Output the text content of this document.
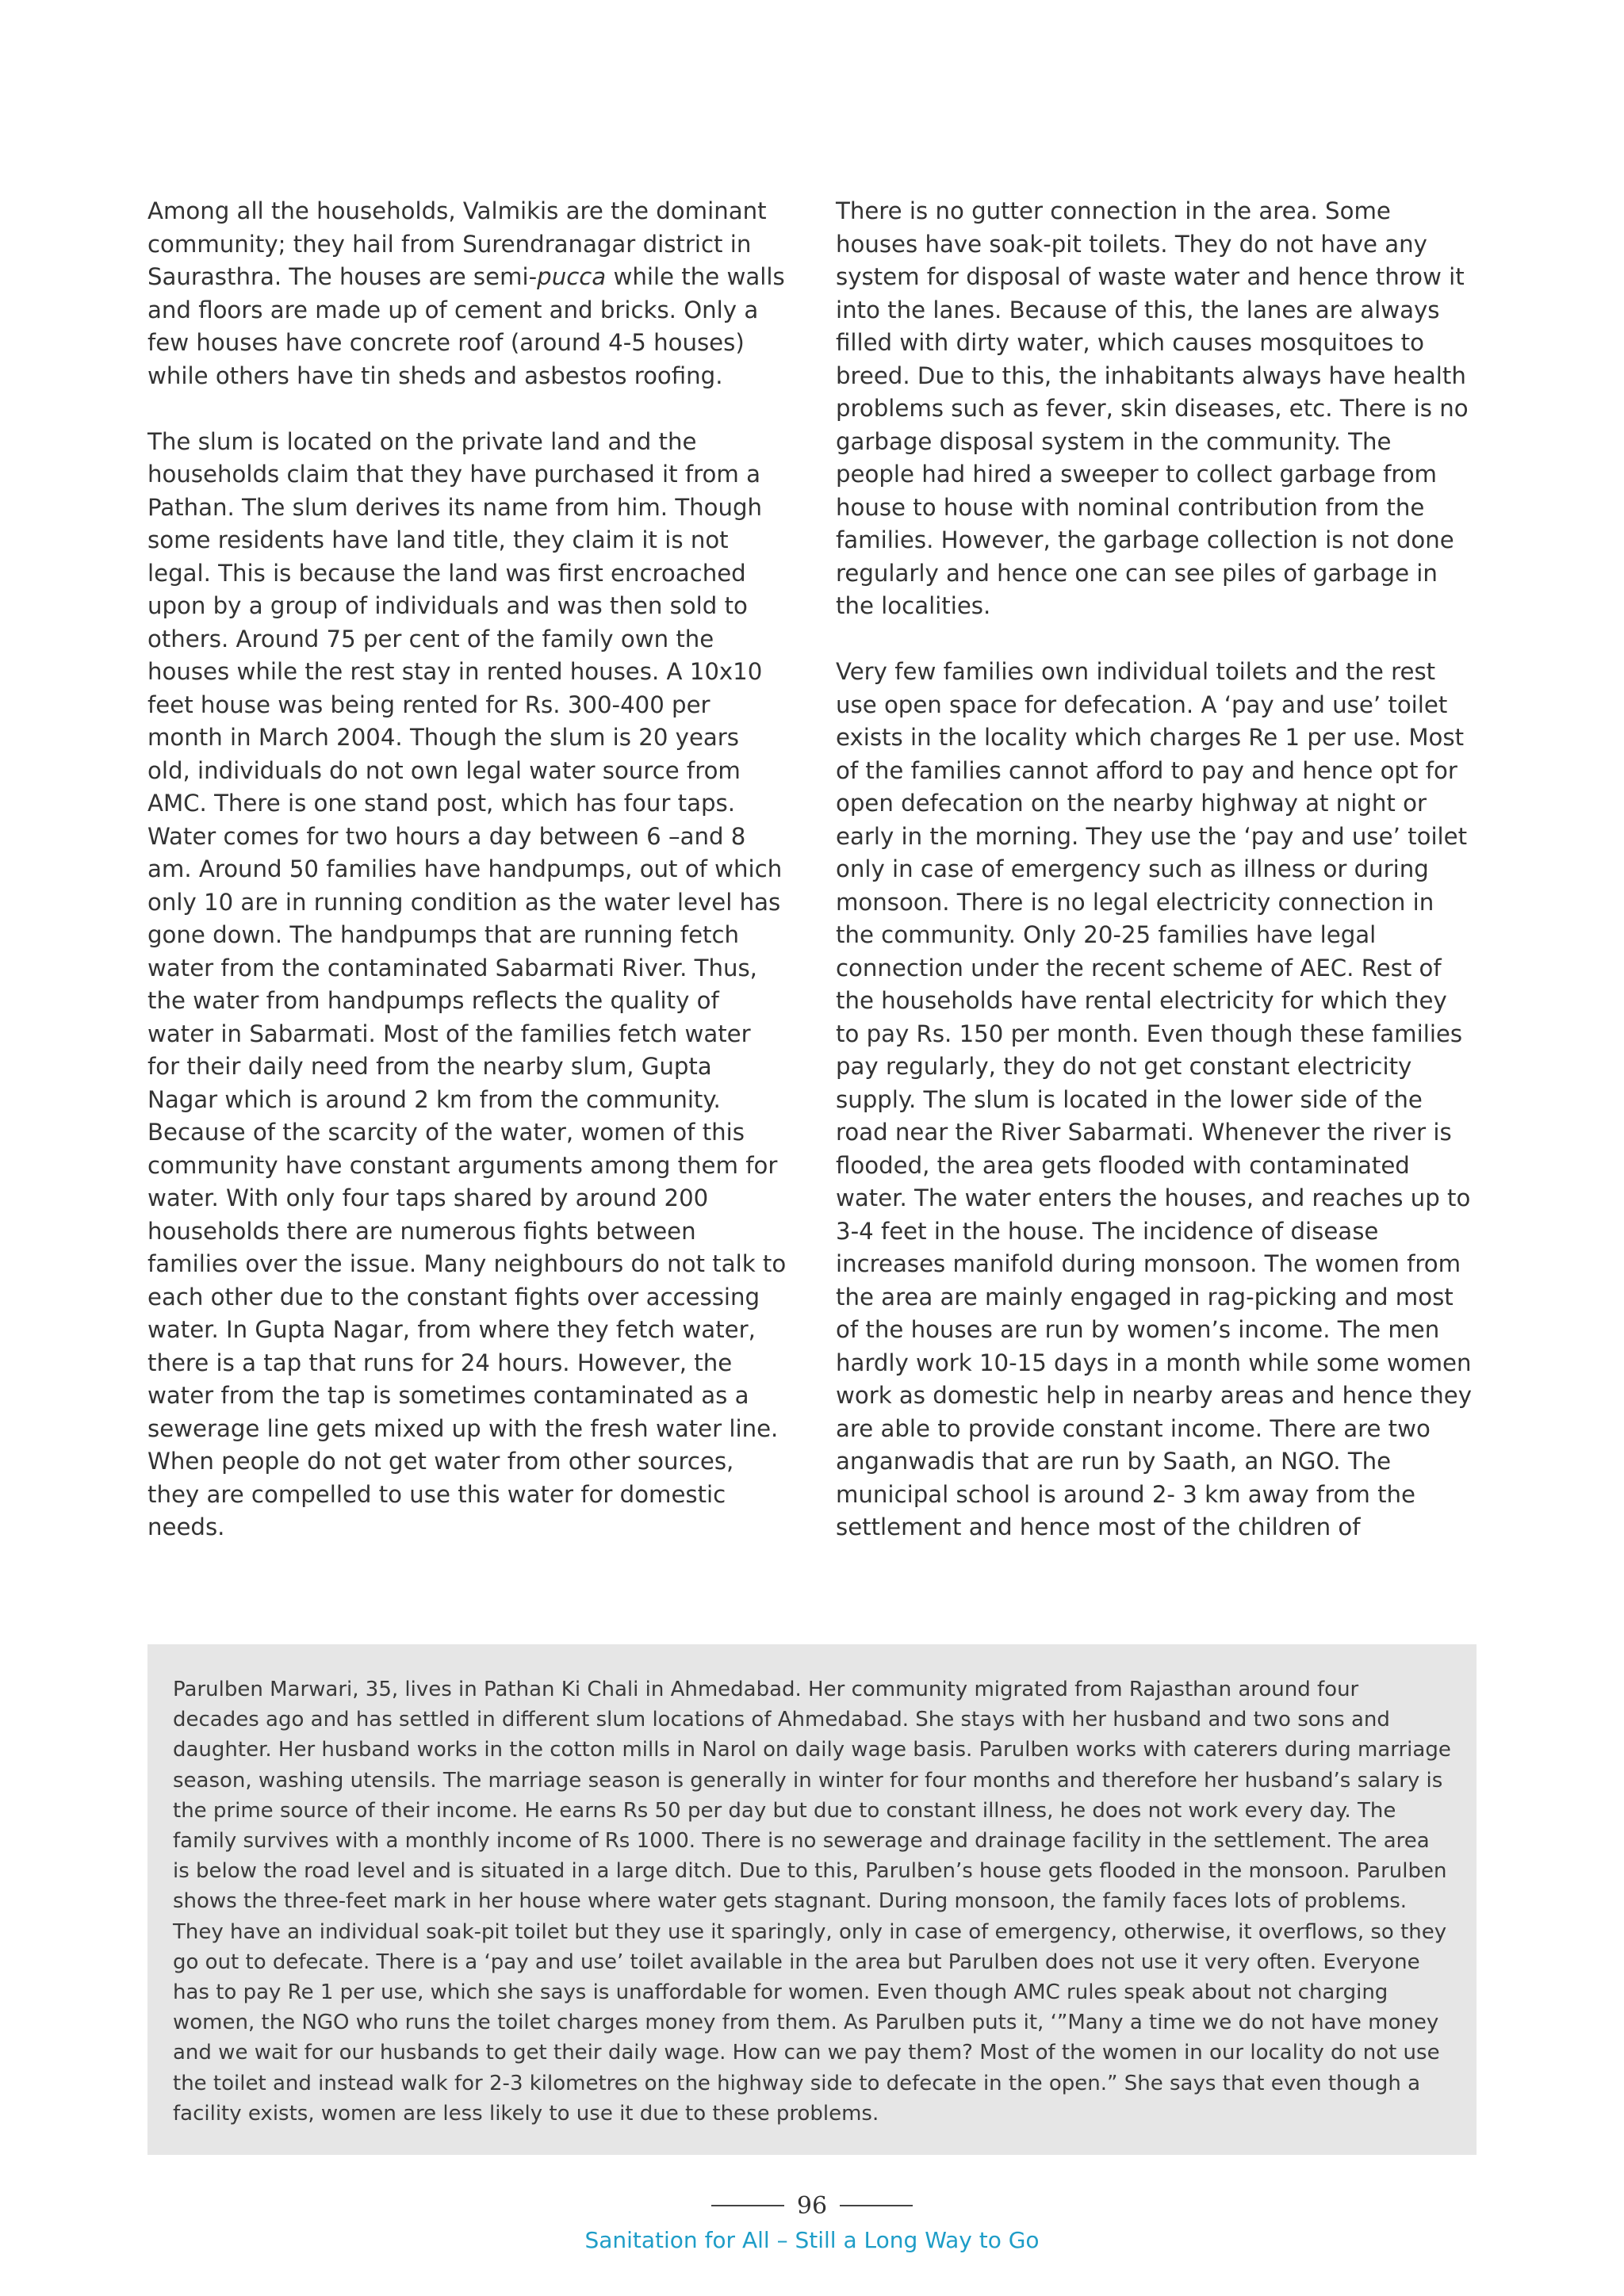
Among all the households, Valmikis are the dominant community; they hail from Surendranagar district in Saurasthra. The houses are semi-pucca while the walls and floors are made up of cement and bricks. Only a few houses have concrete roof (around 4-5 houses) while others have tin sheds and asbestos roofing.

The slum is located on the private land and the households claim that they have purchased it from a Pathan. The slum derives its name from him. Though some residents have land title, they claim it is not legal. This is because the land was first encroached upon by a group of individuals and was then sold to others. Around 75 per cent of the family own the houses while the rest stay in rented houses. A 10x10 feet house was being rented for Rs. 300-400 per month in March 2004. Though the slum is 20 years old, individuals do not own legal water source from AMC. There is one stand post, which has four taps. Water comes for two hours a day between 6 –and 8 am. Around 50 families have handpumps, out of which only 10 are in running condition as the water level has gone down. The handpumps that are running fetch water from the contaminated Sabarmati River. Thus, the water from handpumps reflects the quality of water in Sabarmati. Most of the families fetch water for their daily need from the nearby slum, Gupta Nagar which is around 2 km from the community. Because of the scarcity of the water, women of this community have constant arguments among them for water. With only four taps shared by around 200 households there are numerous fights between families over the issue. Many neighbours do not talk to each other due to the constant fights over accessing water. In Gupta Nagar, from where they fetch water, there is a tap that runs for 24 hours. However, the water from the tap is sometimes contaminated as a sewerage line gets mixed up with the fresh water line. When people do not get water from other sources, they are compelled to use this water for domestic needs.

There is no gutter connection in the area. Some houses have soak-pit toilets. They do not have any system for disposal of waste water and hence throw it into the lanes. Because of this, the lanes are always filled with dirty water, which causes mosquitoes to breed. Due to this, the inhabitants always have health problems such as fever, skin diseases, etc. There is no garbage disposal system in the community. The people had hired a sweeper to collect garbage from house to house with nominal contribution from the families. However, the garbage collection is not done regularly and hence one can see piles of garbage in the localities.

Very few families own individual toilets and the rest use open space for defecation. A ‘pay and use’ toilet exists in the locality which charges Re 1 per use. Most of the families cannot afford to pay and hence opt for open defecation on the nearby highway at night or early in the morning. They use the ‘pay and use’ toilet only in case of emergency such as illness or during monsoon. There is no legal electricity connection in the community. Only 20-25 families have legal connection under the recent scheme of AEC. Rest of the households have rental electricity for which they to pay Rs. 150 per month. Even though these families pay regularly, they do not get constant electricity supply. The slum is located in the lower side of the road near the River Sabarmati. Whenever the river is flooded, the area gets flooded with contaminated water. The water enters the houses, and reaches up to 3-4 feet in the house. The incidence of disease increases manifold during monsoon. The women from the area are mainly engaged in rag-picking and most of the houses are run by women’s income. The men hardly work 10-15 days in a month while some women work as domestic help in nearby areas and hence they are able to provide constant income. There are two anganwadis that are run by Saath, an NGO. The municipal school is around 2- 3 km away from the settlement and hence most of the children of

Parulben Marwari, 35, lives in Pathan Ki Chali in Ahmedabad. Her community migrated from Rajasthan around four decades ago and has settled in different slum locations of Ahmedabad. She stays with her husband and two sons and daughter. Her husband works in the cotton mills in Narol on daily wage basis. Parulben works with caterers during marriage season, washing utensils. The marriage season is generally in winter for four months and therefore her husband’s salary is the prime source of their income. He earns Rs 50 per day but due to constant illness, he does not work every day. The family survives with a monthly income of Rs 1000. There is no sewerage and drainage facility in the settlement. The area is below the road level and is situated in a large ditch. Due to this, Parulben’s house gets flooded in the monsoon. Parulben shows the three-feet mark in her house where water gets stagnant. During monsoon, the family faces lots of problems. They have an individual soak-pit toilet but they use it sparingly, only in case of emergency, otherwise, it overflows, so they go out to defecate. There is a ‘pay and use’ toilet available in the area but Parulben does not use it very often. Everyone has to pay Re 1 per use, which she says is unaffordable for women. Even though AMC rules speak about not charging women, the NGO who runs the toilet charges money from them. As Parulben puts it, ‘”Many a time we do not have money and we wait for our husbands to get their daily wage. How can we pay them? Most of the women in our locality do not use the toilet and instead walk for 2-3 kilometres on the highway side to defecate in the open.” She says that even though a facility exists, women are less likely to use it due to these problems.

96
Sanitation for All – Still a Long Way to Go
